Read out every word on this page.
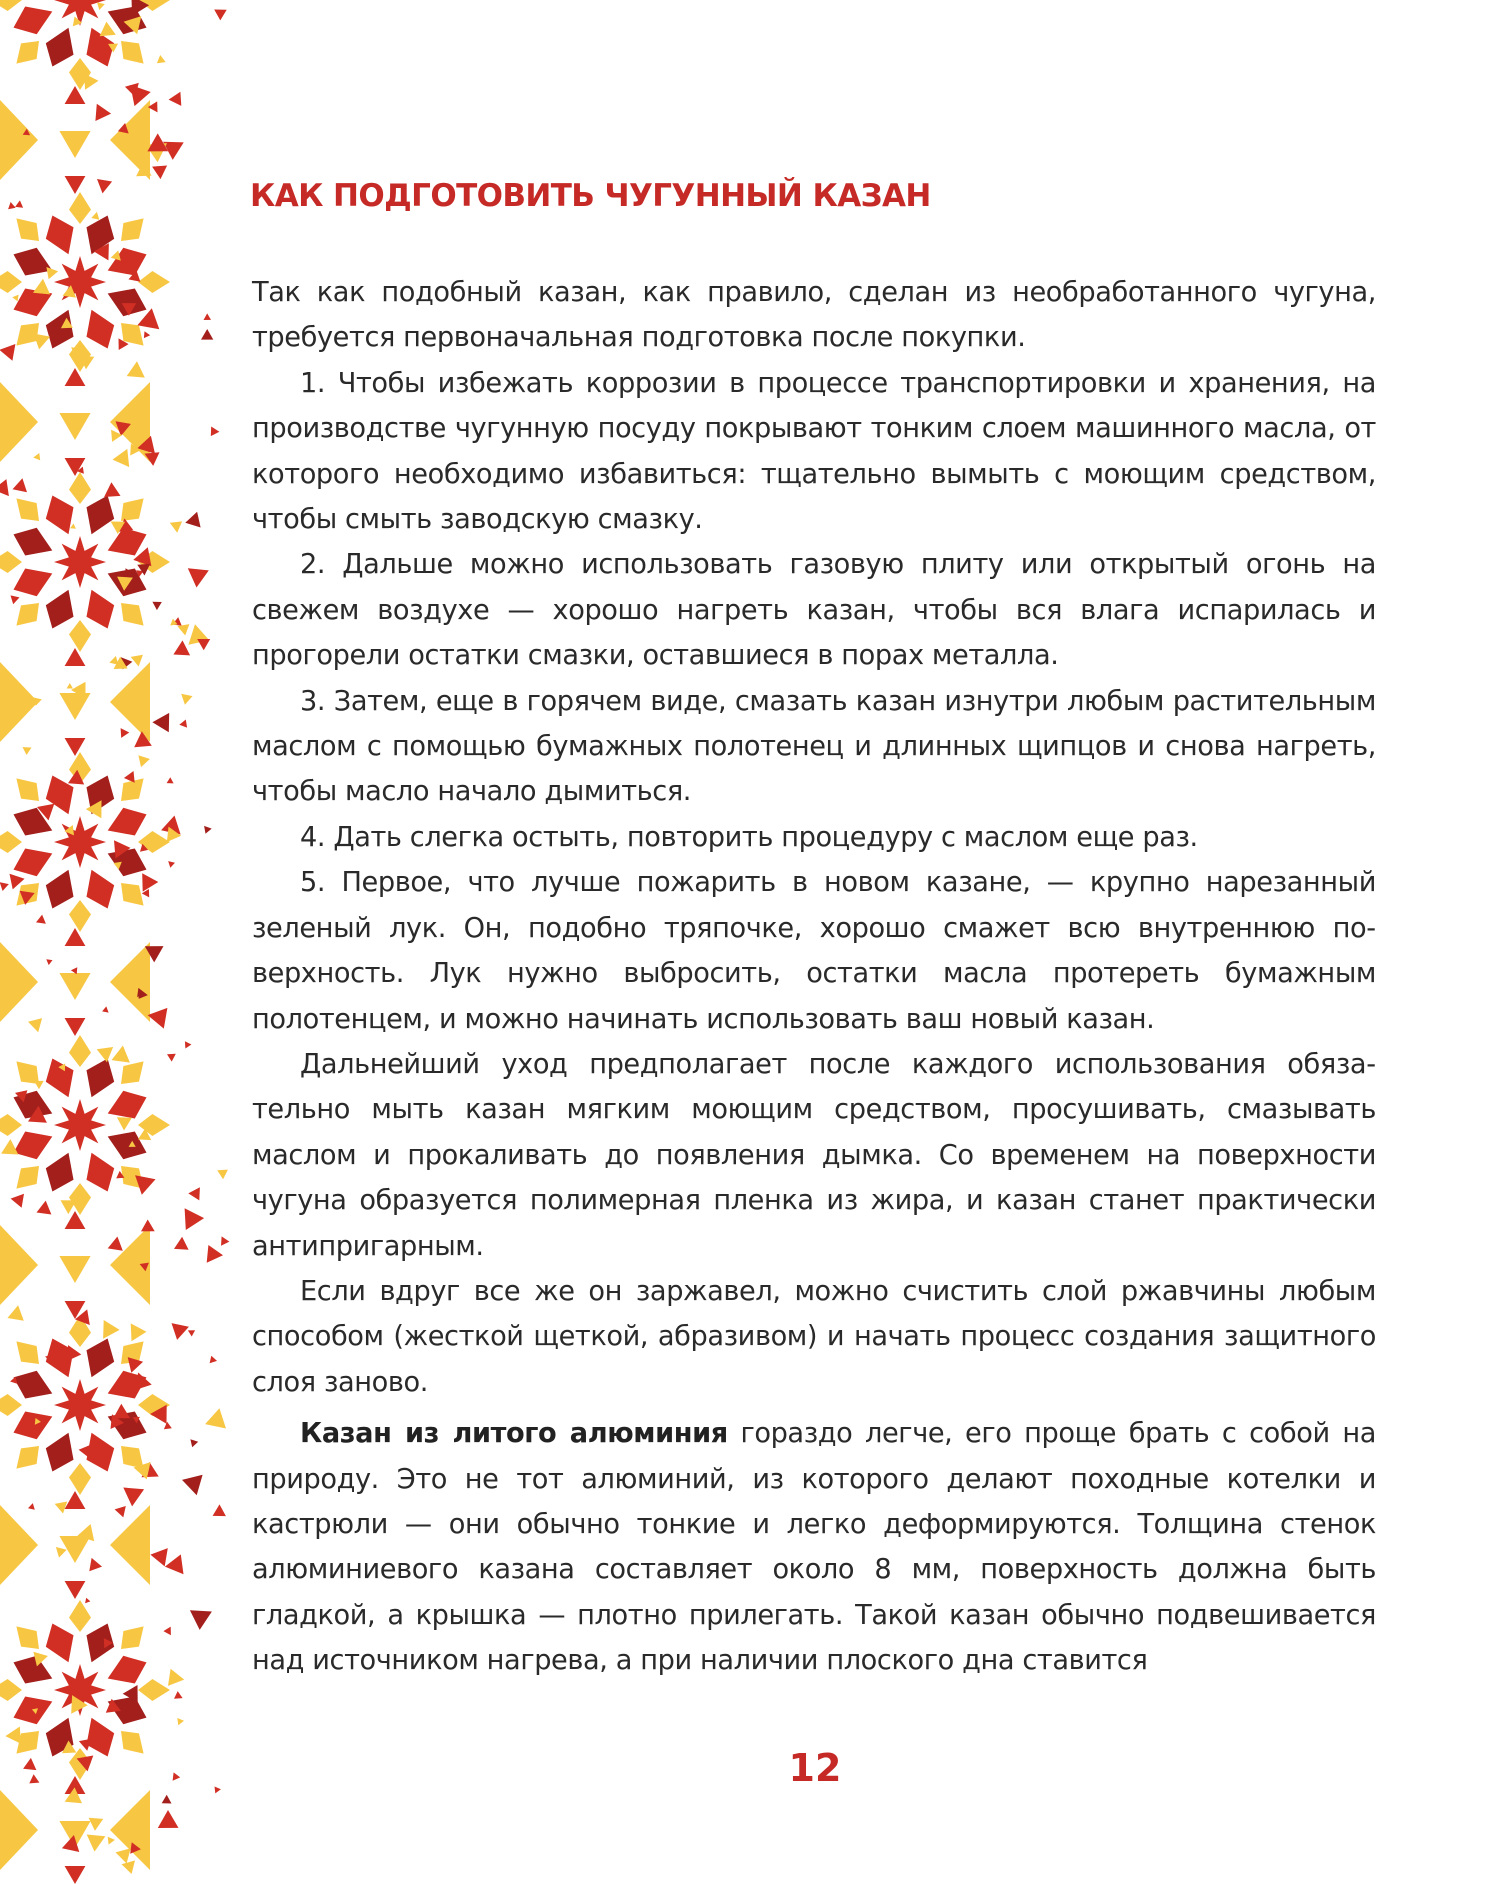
КАК ПОДГОТОВИТЬ ЧУГУННЫЙ КАЗАН

Так как подобный казан, как правило, сделан из необработанного чугуна, требуется первоначальная подготовка после покупки.

1. Чтобы избежать коррозии в процессе транспортировки и хранения, на производстве чугунную посуду покрывают тонким слоем машинного масла, от которого необходимо избавиться: тщательно вымыть с моющим средством, чтобы смыть заводскую смазку.

2. Дальше можно использовать газовую плиту или открытый огонь на свежем воздухе — хорошо нагреть казан, чтобы вся влага испарилась и прогорели остатки смазки, оставшиеся в порах металла.

3. Затем, еще в горячем виде, смазать казан изнутри любым растительным маслом с помощью бумажных полотенец и длинных щипцов и снова нагреть, чтобы масло начало дымиться.

4. Дать слегка остыть, повторить процедуру с маслом еще раз.

5. Первое, что лучше пожарить в новом казане, — крупно нарезанный зеленый лук. Он, подобно тряпочке, хорошо смажет всю внутреннюю поверхность. Лук нужно выбросить, остатки масла протереть бумажным полотенцем, и можно начинать использовать ваш новый казан.

Дальнейший уход предполагает после каждого использования обязательно мыть казан мягким моющим средством, просушивать, смазывать маслом и прокаливать до появления дымка. Со временем на поверхности чугуна образуется полимерная пленка из жира, и казан станет практически антипригарным.

Если вдруг все же он заржавел, можно счистить слой ржавчины любым способом (жесткой щеткой, абразивом) и начать процесс создания защитного слоя заново.

Казан из литого алюминия гораздо легче, его проще брать с собой на природу. Это не тот алюминий, из которого делают походные котелки и кастрюли — они обычно тонкие и легко деформируются. Толщина стенок алюминиевого казана составляет около 8 мм, поверхность должна быть гладкой, а крышка — плотно прилегать. Такой казан обычно подвешивается над источником нагрева, а при наличии плоского дна ставится

12
